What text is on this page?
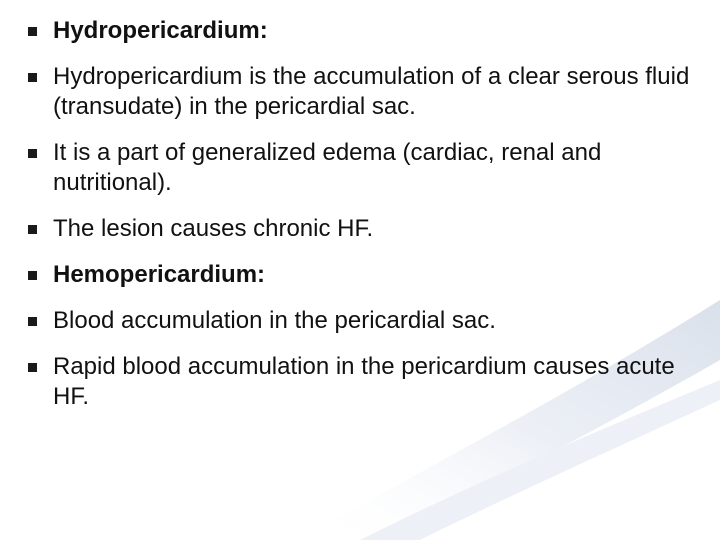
Hydropericardium:
Hydropericardium is the accumulation of a clear serous fluid (transudate) in the pericardial sac.
It is a part of generalized edema (cardiac, renal and nutritional).
The lesion causes chronic HF.
Hemopericardium:
Blood accumulation in the pericardial sac.
Rapid blood accumulation in the pericardium causes acute HF.
